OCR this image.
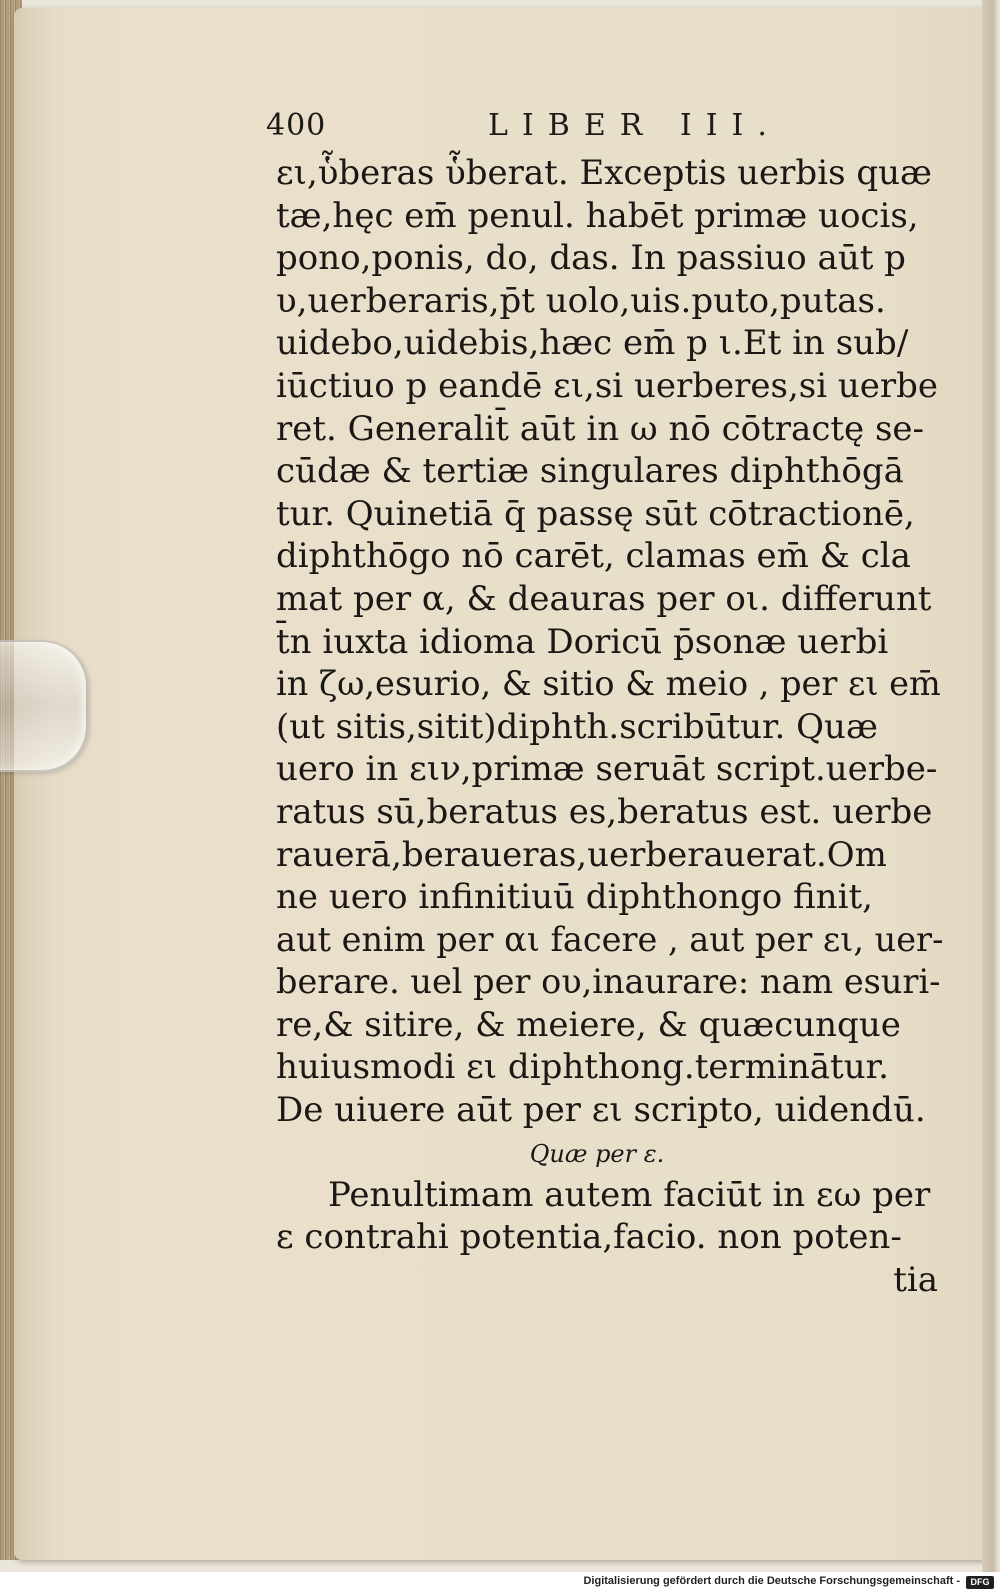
400	LIBER III.
ει,ὗberas ὗberat. Exceptis uerbis quæ
tæ,hęc em̄ penul. habēt primæ uocis,
pono,ponis, do, das. In passiuo aūt p
υ,uerberaris,p̄t uolo,uis.puto,putas.
uidebo,uidebis,hæc em̄ p ι.Et in sub/
iūctiuo p eandē ει,si uerberes,si uerbe
ret. Generalit̄ aūt in ω nō cōtractę se-
cūdæ & tertiæ singulares diphthōgā
tur. Quinetiā q̄ passę sūt cōtractionē,
diphthōgo nō carēt, clamas em̄ & cla
mat per α, & deauras per οι. differunt
t̄n iuxta idioma Doricū p̄sonæ uerbi
in ζω,esurio, & sitio & meio , per ει em̄
(ut sitis,sitit)diphth.scribūtur. Quæ
uero in ειν,primæ seruāt script.uerbe-
ratus sū,beratus es,beratus est. uerbe
rauerā,beraueras,uerberauerat.Om
ne uero infinitiuū diphthongo finit,
aut enim per αι facere , aut per ει, uer-
berare. uel per ου,inaurare: nam esuri-
re,& sitire, & meiere, & quæcunque
huiusmodi ει diphthong.terminātur.
De uiuere aūt per ει scripto, uidendū.
Quæ per ε.
Penultimam autem faciūt in εω per
ε contrahi potentia,facio. non poten-
tia
Digitalisierung gefördert durch die Deutsche Forschungsgemeinschaft -	DFG
